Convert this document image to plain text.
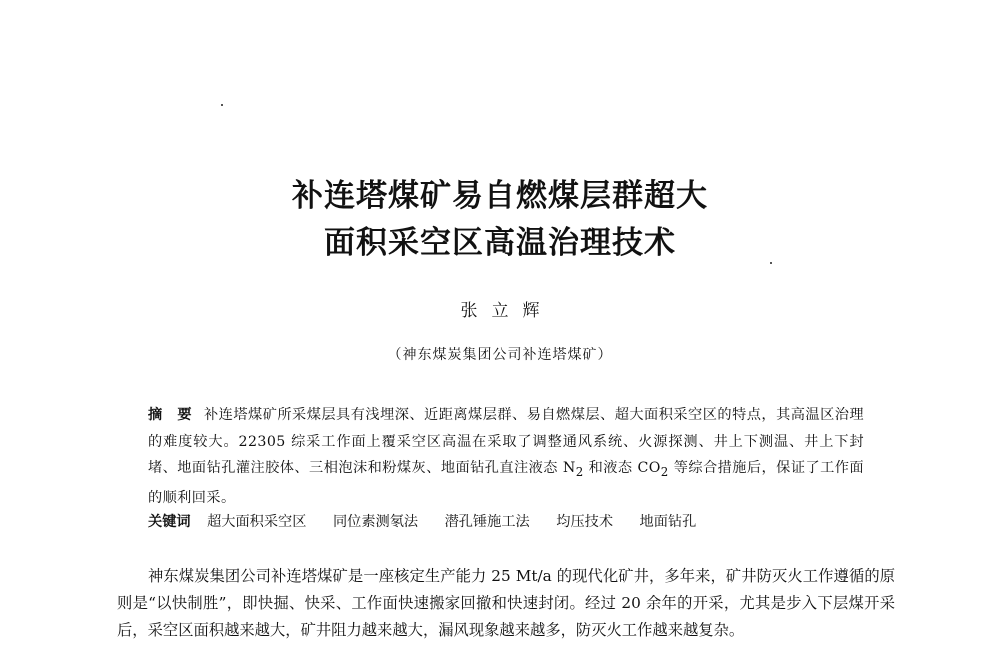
补连塔煤矿易自燃煤层群超大
面积采空区高温治理技术
张立辉
（神东煤炭集团公司补连塔煤矿）
摘　要 补连塔煤矿所采煤层具有浅埋深、近距离煤层群、易自燃煤层、超大面积采空区的特点，其高温区治理的难度较大。22305 综采工作面上覆采空区高温在采取了调整通风系统、火源探测、井上下测温、井上下封堵、地面钻孔灌注胶体、三相泡沫和粉煤灰、地面钻孔直注液态 $N_2$ 和液态 $CO_2$ 等综合措施后，保证了工作面的顺利回采。
关键词 超大面积采空区 同位素测氡法 潜孔锤施工法 均压技术 地面钻孔
神东煤炭集团公司补连塔煤矿是一座核定生产能力 25 Mt/a 的现代化矿井，多年来，矿井防灭火工作遵循的原则是“以快制胜”，即快掘、快采、工作面快速搬家回撤和快速封闭。经过 20 余年的开采，尤其是步入下层煤开采后，采空区面积越来越大，矿井阻力越来越大，漏风现象越来越多，防灭火工作越来越复杂。
